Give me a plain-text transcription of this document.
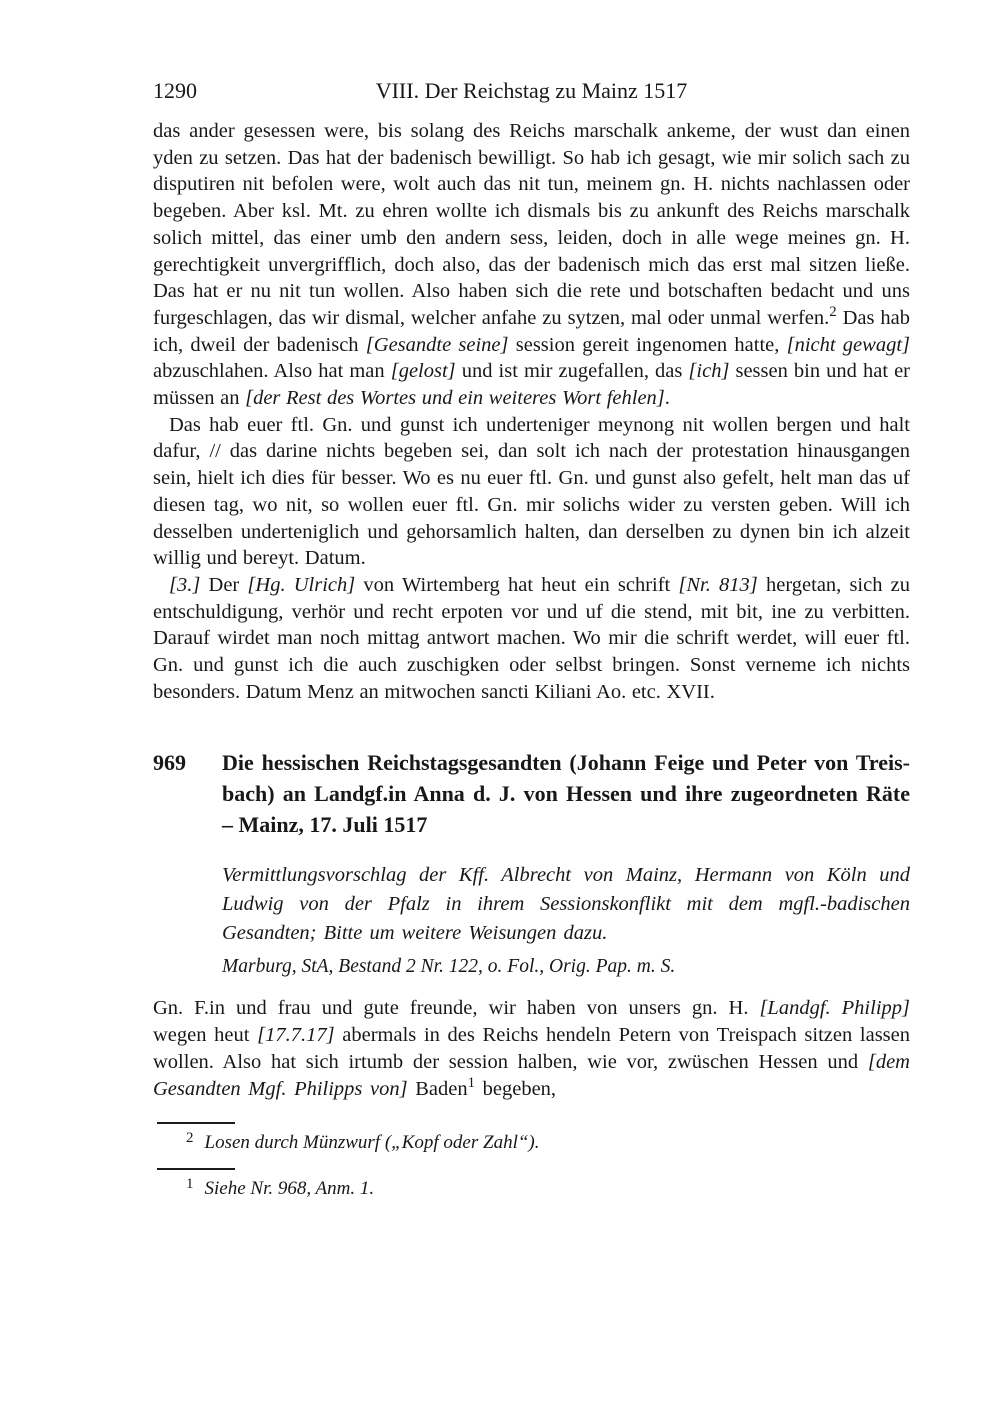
1290	VIII. Der Reichstag zu Mainz 1517
das ander gesessen were, bis solang des Reichs marschalk ankeme, der wust dan einen yden zu setzen. Das hat der badenisch bewilligt. So hab ich gesagt, wie mir solich sach zu disputiren nit befolen were, wolt auch das nit tun, meinem gn. H. nichts nachlassen oder begeben. Aber ksl. Mt. zu ehren wollte ich dismals bis zu ankunft des Reichs marschalk solich mittel, das einer umb den andern sess, leiden, doch in alle wege meines gn. H. gerechtigkeit unvergrifflich, doch also, das der badenisch mich das erst mal sitzen ließe. Das hat er nu nit tun wollen. Also haben sich die rete und botschaften bedacht und uns furgeschlagen, das wir dismal, welcher anfahe zu sytzen, mal oder unmal werfen.$^2$ Das hab ich, dweil der badenisch [Gesandte seine] session gereit ingenomen hatte, [nicht gewagt] abzuschlahen. Also hat man [gelost] und ist mir zugefallen, das [ich] sessen bin und hat er müssen an [der Rest des Wortes und ein weiteres Wort fehlen].
Das hab euer ftl. Gn. und gunst ich underteniger meynong nit wollen bergen und halt dafur, // das darine nichts begeben sei, dan solt ich nach der protestation hinausgangen sein, hielt ich dies für besser. Wo es nu euer ftl. Gn. und gunst also gefelt, helt man das uf diesen tag, wo nit, so wollen euer ftl. Gn. mir solichs wider zu versten geben. Will ich desselben underteniglich und gehorsamlich halten, dan derselben zu dynen bin ich alzeit willig und bereyt. Datum.
[3.] Der [Hg. Ulrich] von Wirtemberg hat heut ein schrift [Nr. 813] hergetan, sich zu entschuldigung, verhör und recht erpoten vor und uf die stend, mit bit, ine zu verbitten. Darauf wirdet man noch mittag antwort machen. Wo mir die schrift werdet, will euer ftl. Gn. und gunst ich die auch zuschigken oder selbst bringen. Sonst verneme ich nichts besonders. Datum Menz an mitwochen sancti Kiliani Ao. etc. XVII.
969	Die hessischen Reichstagsgesandten (Johann Feige und Peter von Treis-
bach) an Landgf.in Anna d. J. von Hessen und ihre zugeordneten Räte
– Mainz, 17. Juli 1517
Vermittlungsvorschlag der Kff. Albrecht von Mainz, Hermann von Köln und Ludwig von der Pfalz in ihrem Sessionskonflikt mit dem mgfl.-badischen Gesandten; Bitte um weitere Weisungen dazu.
Marburg, StA, Bestand 2 Nr. 122, o. Fol., Orig. Pap. m. S.
Gn. F.in und frau und gute freunde, wir haben von unsers gn. H. [Landgf. Philipp] wegen heut [17.7.17] abermals in des Reichs hendeln Petern von Treispach sitzen lassen wollen. Also hat sich irtumb der session halben, wie vor, zwüschen Hessen und [dem Gesandten Mgf. Philipps von] Baden$^1$ begeben,
$^2$ Losen durch Münzwurf („Kopf oder Zahl“).
$^1$ Siehe Nr. 968, Anm. 1.
